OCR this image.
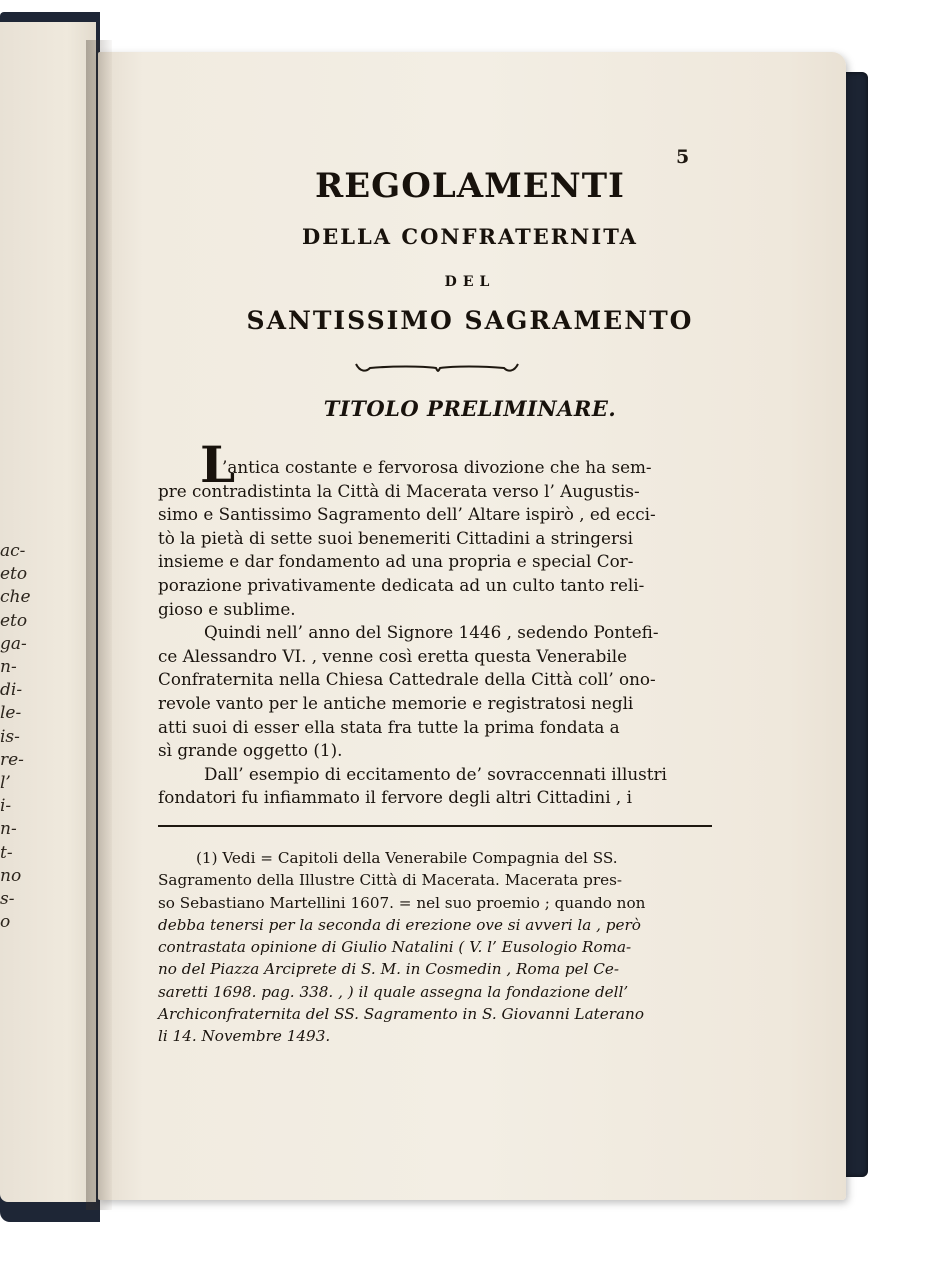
ac-
eto
che
eto
ga-
n-
di-
le-
is-
re-
l’
i-
n-
t-
no
s-
o
5
REGOLAMENTI
DELLA CONFRATERNITA
DEL
SANTISSIMO SAGRAMENTO
TITOLO PRELIMINARE.
L
’antica costante e fervorosa divozione che ha sem-
pre contradistinta la Città di Macerata verso l’ Augustis-
simo e Santissimo Sagramento dell’ Altare ispirò , ed ecci-
tò la pietà di sette suoi benemeriti Cittadini a stringersi
insieme e dar fondamento ad una propria e special Cor-
porazione privativamente dedicata ad un culto tanto reli-
gioso e sublime.
Quindi nell’ anno del Signore 1446 , sedendo Pontefi-
ce Alessandro VI. , venne così eretta questa Venerabile
Confraternita nella Chiesa Cattedrale della Città coll’ ono-
revole vanto per le antiche memorie e registratosi negli
atti suoi di esser ella stata fra tutte la prima fondata a
sì grande oggetto (1).
Dall’ esempio di eccitamento de’ sovraccennati illustri
fondatori fu infiammato il fervore degli altri Cittadini , i
(1) Vedi = Capitoli della Venerabile Compagnia del SS.
Sagramento della Illustre Città di Macerata. Macerata pres-
so Sebastiano Martellini 1607. = nel suo proemio ; quando non
debba tenersi per la seconda di erezione ove si avveri la , però
contrastata opinione di Giulio Natalini ( V. l’ Eusologio Roma-
no del Piazza Arciprete di S. M. in Cosmedin , Roma pel Ce-
saretti 1698. pag. 338. , ) il quale assegna la fondazione dell’
Archiconfraternita del SS. Sagramento in S. Giovanni Laterano
li 14. Novembre 1493.
